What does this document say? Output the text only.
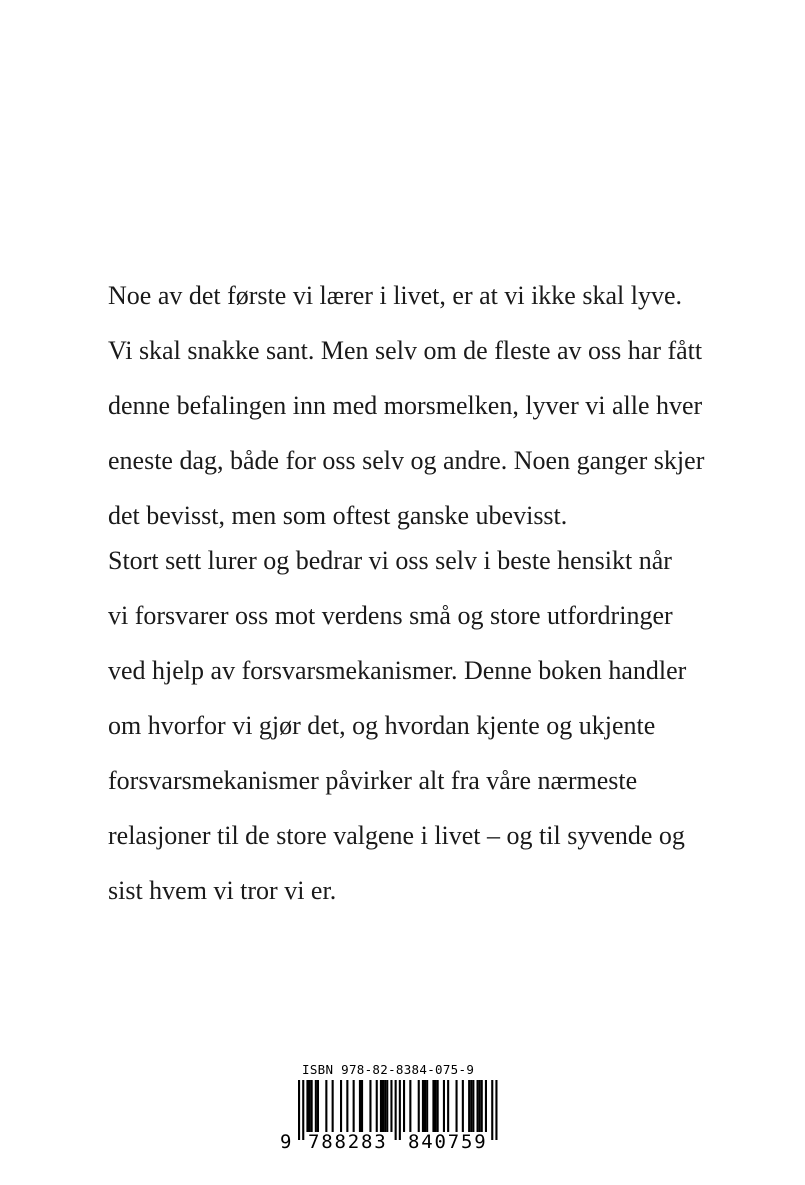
Noe av det første vi lærer i livet, er at vi ikke skal lyve.
Vi skal snakke sant. Men selv om de fleste av oss har fått
denne befalingen inn med morsmelken, lyver vi alle hver
eneste dag, både for oss selv og andre. Noen ganger skjer
det bevisst, men som oftest ganske ubevisst.
Stort sett lurer og bedrar vi oss selv i beste hensikt når
vi forsvarer oss mot verdens små og store utfordringer
ved hjelp av forsvarsmekanismer. Denne boken handler
om hvorfor vi gjør det, og hvordan kjente og ukjente
forsvarsmekanismer påvirker alt fra våre nærmeste
relasjoner til de store valgene i livet – og til syvende og
sist hvem vi tror vi er.
ISBN 978-82-8384-075-9
9 788283 840759
